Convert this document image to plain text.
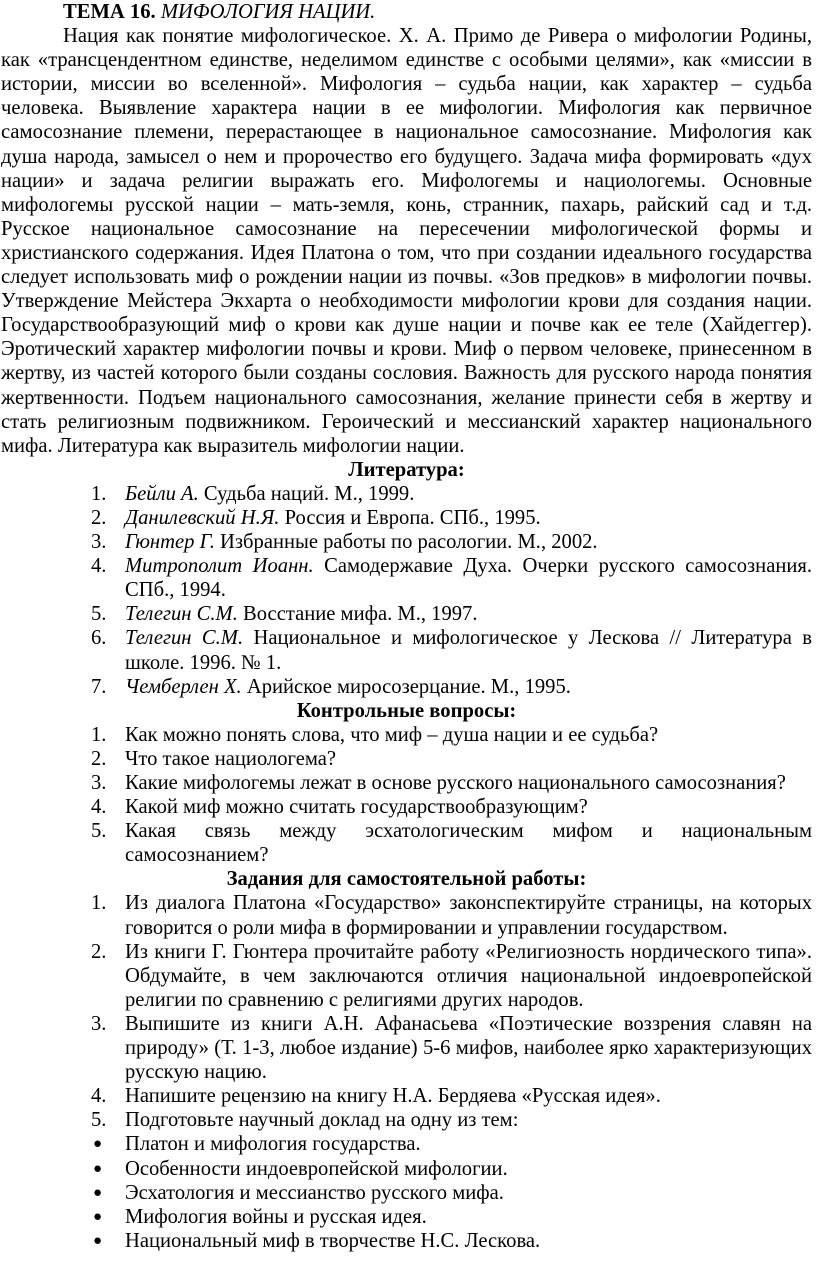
ТЕМА 16. МИФОЛОГИЯ НАЦИИ.

Нация как понятие мифологическое. Х. А. Примо де Ривера о мифологии Родины, как «трансцендентном единстве, неделимом единстве с особыми целями», как «миссии в истории, миссии во вселенной». Мифология – судьба нации, как характер – судьба человека. Выявление характера нации в ее мифологии. Мифология как первичное самосознание племени, перерастающее в национальное самосознание. Мифология как душа народа, замысел о нем и пророчество его будущего. Задача мифа формировать «дух нации» и задача религии выражать его. Мифологемы и нациологемы. Основные мифологемы русской нации – мать-земля, конь, странник, пахарь, райский сад и т.д. Русское национальное самосознание на пересечении мифологической формы и христианского содержания. Идея Платона о том, что при создании идеального государства следует использовать миф о рождении нации из почвы. «Зов предков» в мифологии почвы. Утверждение Мейстера Экхарта о необходимости мифологии крови для создания нации. Государствообразующий миф о крови как душе нации и почве как ее теле (Хайдеггер). Эротический характер мифологии почвы и крови. Миф о первом человеке, принесенном в жертву, из частей которого были созданы сословия. Важность для русского народа понятия жертвенности. Подъем национального самосознания, желание принести себя в жертву и стать религиозным подвижником. Героический и мессианский характер национального мифа. Литература как выразитель мифологии нации.

Литература:
1. Бейли А. Судьба наций. М., 1999.
2. Данилевский Н.Я. Россия и Европа. СПб., 1995.
3. Гюнтер Г. Избранные работы по расологии. М., 2002.
4. Митрополит Иоанн. Самодержавие Духа. Очерки русского самосознания. СПб., 1994.
5. Телегин С.М. Восстание мифа. М., 1997.
6. Телегин С.М. Национальное и мифологическое у Лескова // Литература в школе. 1996. № 1.
7. Чемберлен Х. Арийское миросозерцание. М., 1995.
Контрольные вопросы:
1. Как можно понять слова, что миф – душа нации и ее судьба?
2. Что такое нациологема?
3. Какие мифологемы лежат в основе русского национального самосознания?
4. Какой миф можно считать государствообразующим?
5. Какая связь между эсхатологическим мифом и национальным самосознанием?
Задания для самостоятельной работы:
1. Из диалога Платона «Государство» законспектируйте страницы, на которых говорится о роли мифа в формировании и управлении государством.
2. Из книги Г. Гюнтера прочитайте работу «Религиозность нордического типа». Обдумайте, в чем заключаются отличия национальной индоевропейской религии по сравнению с религиями других народов.
3. Выпишите из книги А.Н. Афанасьева «Поэтические воззрения славян на природу» (Т. 1-3, любое издание) 5-6 мифов, наиболее ярко характеризующих русскую нацию.
4. Напишите рецензию на книгу Н.А. Бердяева «Русская идея».
5. Подготовьте научный доклад на одну из тем:
●	Платон и мифология государства.
●	Особенности индоевропейской мифологии.
●	Эсхатология и мессианство русского мифа.
●	Мифология войны и русская идея.
●	Национальный миф в творчестве Н.С. Лескова.
